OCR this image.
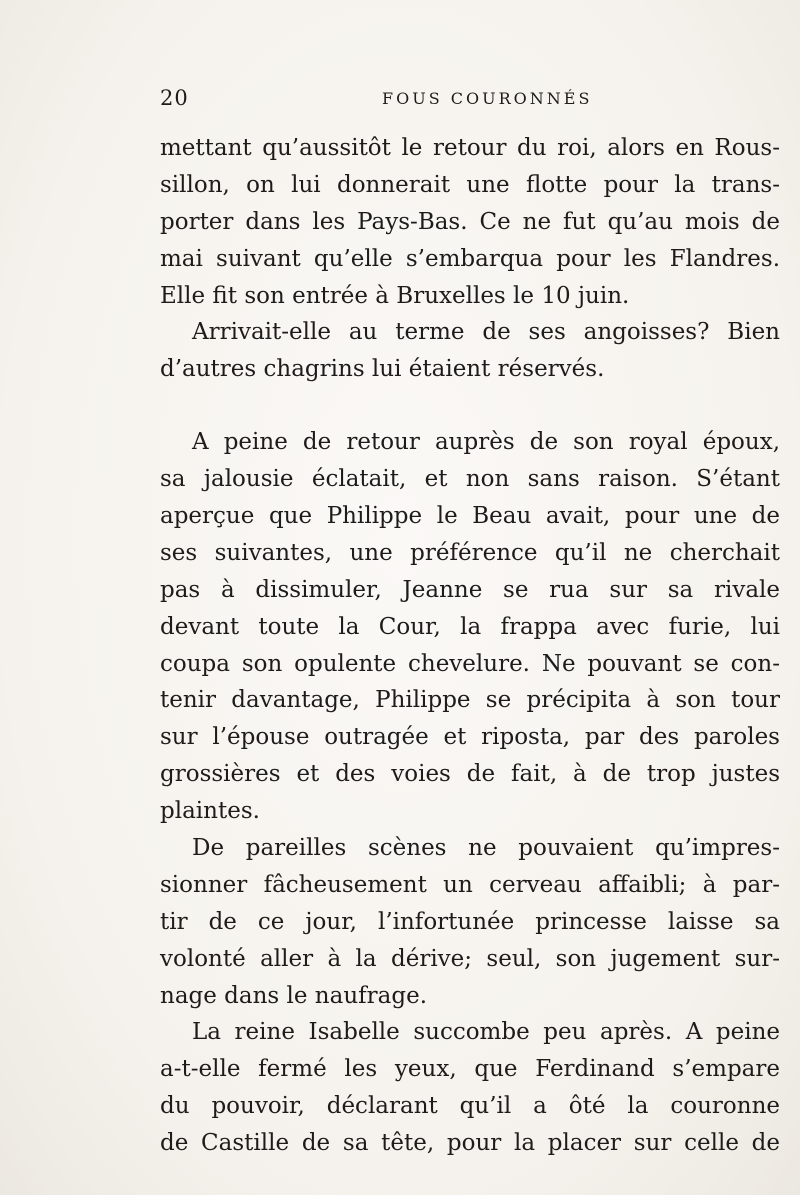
20	FOUS COURONNÉS
mettant qu’aussitôt le retour du roi, alors en Rous-
sillon, on lui donnerait une flotte pour la trans-
porter dans les Pays-Bas. Ce ne fut qu’au mois de
mai suivant qu’elle s’embarqua pour les Flandres.
Elle fit son entrée à Bruxelles le 10 juin.
Arrivait-elle au terme de ses angoisses? Bien
d’autres chagrins lui étaient réservés.
A peine de retour auprès de son royal époux,
sa jalousie éclatait, et non sans raison. S’étant
aperçue que Philippe le Beau avait, pour une de
ses suivantes, une préférence qu’il ne cherchait
pas à dissimuler, Jeanne se rua sur sa rivale
devant toute la Cour, la frappa avec furie, lui
coupa son opulente chevelure. Ne pouvant se con-
tenir davantage, Philippe se précipita à son tour
sur l’épouse outragée et riposta, par des paroles
grossières et des voies de fait, à de trop justes
plaintes.
De pareilles scènes ne pouvaient qu’impres-
sionner fâcheusement un cerveau affaibli; à par-
tir de ce jour, l’infortunée princesse laisse sa
volonté aller à la dérive; seul, son jugement sur-
nage dans le naufrage.
La reine Isabelle succombe peu après. A peine
a-t-elle fermé les yeux, que Ferdinand s’empare
du pouvoir, déclarant qu’il a ôté la couronne
de Castille de sa tête, pour la placer sur celle de
